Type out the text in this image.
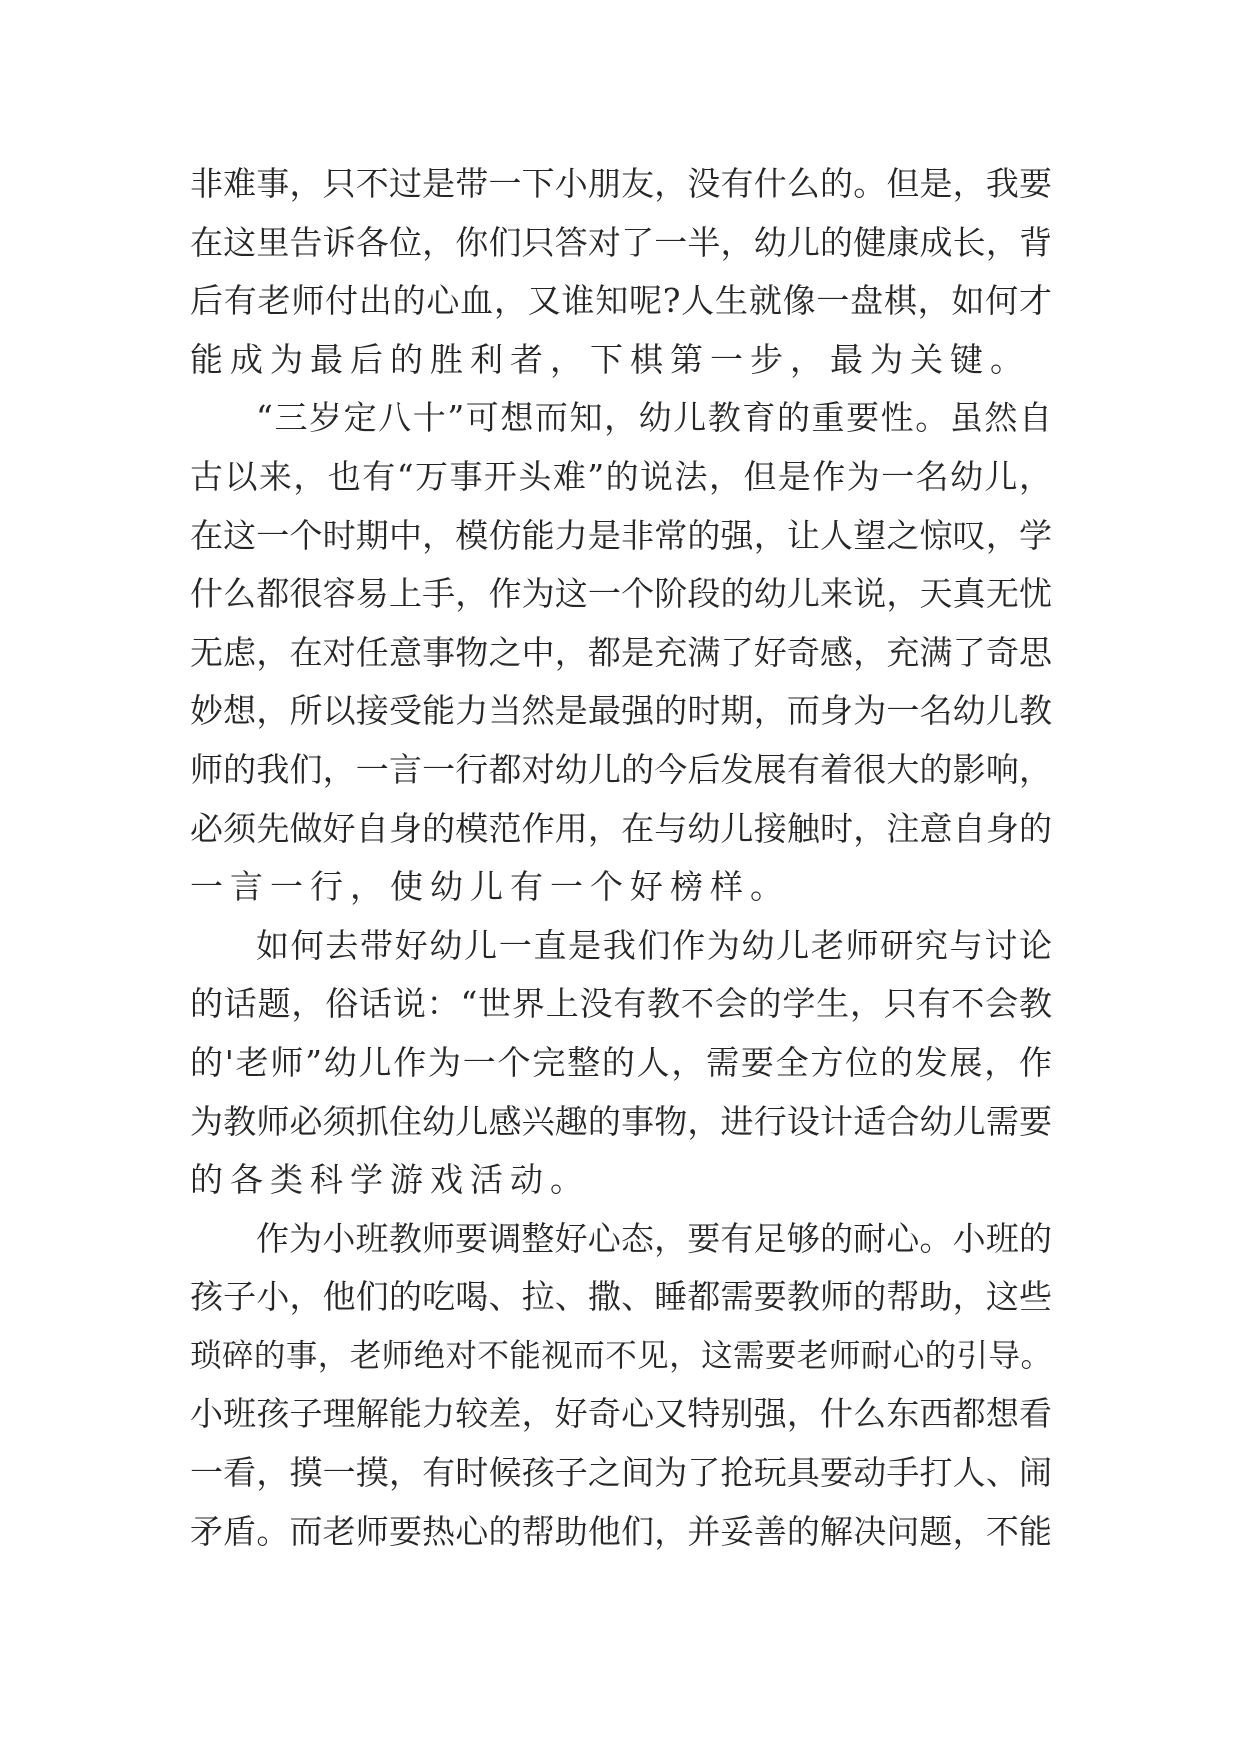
非难事，只不过是带一下小朋友，没有什么的。但是，我要
在这里告诉各位，你们只答对了一半，幼儿的健康成长，背
后有老师付出的心血，又谁知呢?人生就像一盘棋，如何才
能成为最后的胜利者，下棋第一步，最为关键。
“三岁定八十”可想而知，幼儿教育的重要性。虽然自
古以来，也有“万事开头难”的说法，但是作为一名幼儿，
在这一个时期中，模仿能力是非常的强，让人望之惊叹，学
什么都很容易上手，作为这一个阶段的幼儿来说，天真无忧
无虑，在对任意事物之中，都是充满了好奇感，充满了奇思
妙想，所以接受能力当然是最强的时期，而身为一名幼儿教
师的我们，一言一行都对幼儿的今后发展有着很大的影响，
必须先做好自身的模范作用，在与幼儿接触时，注意自身的
一言一行，使幼儿有一个好榜样。
如何去带好幼儿一直是我们作为幼儿老师研究与讨论
的话题，俗话说：“世界上没有教不会的学生，只有不会教
的'老师”幼儿作为一个完整的人，需要全方位的发展，作
为教师必须抓住幼儿感兴趣的事物，进行设计适合幼儿需要
的各类科学游戏活动。
作为小班教师要调整好心态，要有足够的耐心。小班的
孩子小，他们的吃喝、拉、撒、睡都需要教师的帮助，这些
琐碎的事，老师绝对不能视而不见，这需要老师耐心的引导。
小班孩子理解能力较差，好奇心又特别强，什么东西都想看
一看，摸一摸，有时候孩子之间为了抢玩具要动手打人、闹
矛盾。而老师要热心的帮助他们，并妥善的解决问题，不能
